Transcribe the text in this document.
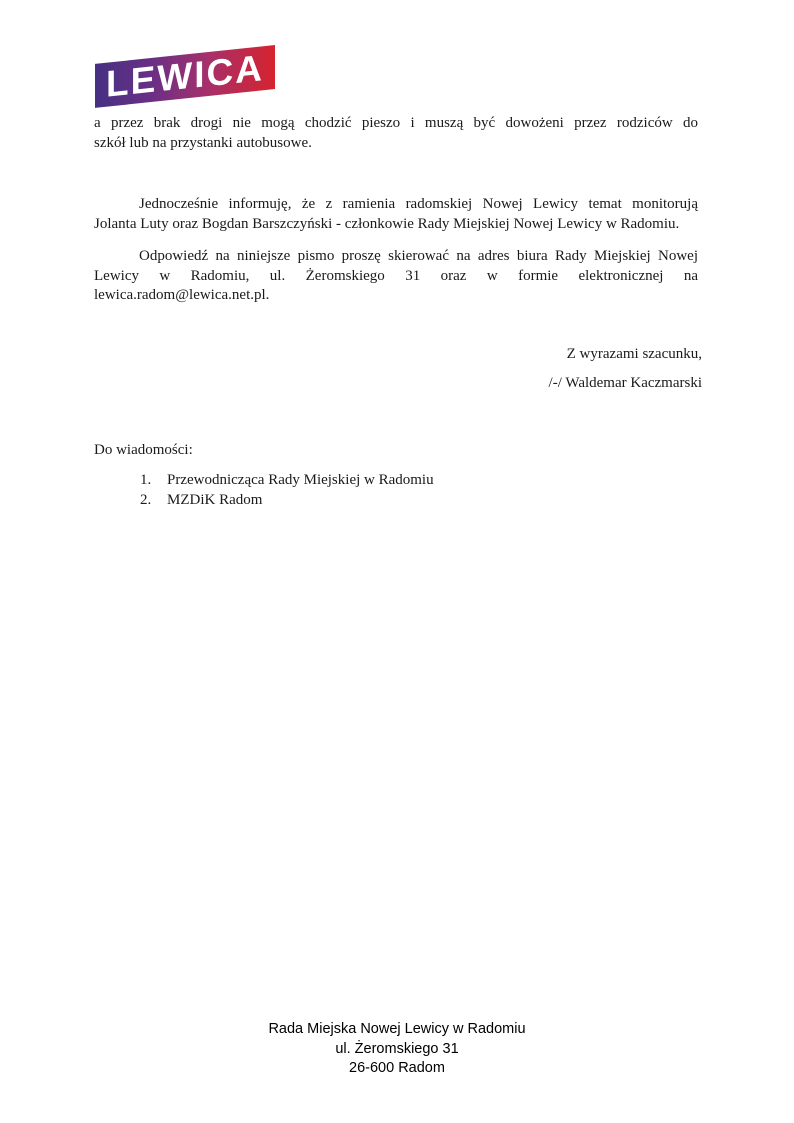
LEWICA
a przez brak drogi nie mogą chodzić pieszo i muszą być dowożeni przez rodziców do
szkół lub na przystanki autobusowe.
Jednocześnie informuję, że z ramienia radomskiej Nowej Lewicy temat monitorują
Jolanta Luty oraz Bogdan Barszczyński - członkowie Rady Miejskiej Nowej Lewicy w Radomiu.
Odpowiedź na niniejsze pismo proszę skierować na adres biura Rady Miejskiej Nowej
Lewicy w Radomiu, ul. Żeromskiego 31 oraz w formie elektronicznej na
lewica.radom@lewica.net.pl.
Z wyrazami szacunku,
/-/ Waldemar Kaczmarski
Do wiadomości:
1.	Przewodnicząca Rady Miejskiej w Radomiu
2.	MZDiK Radom
Rada Miejska Nowej Lewicy w Radomiu
ul. Żeromskiego 31
26-600 Radom
